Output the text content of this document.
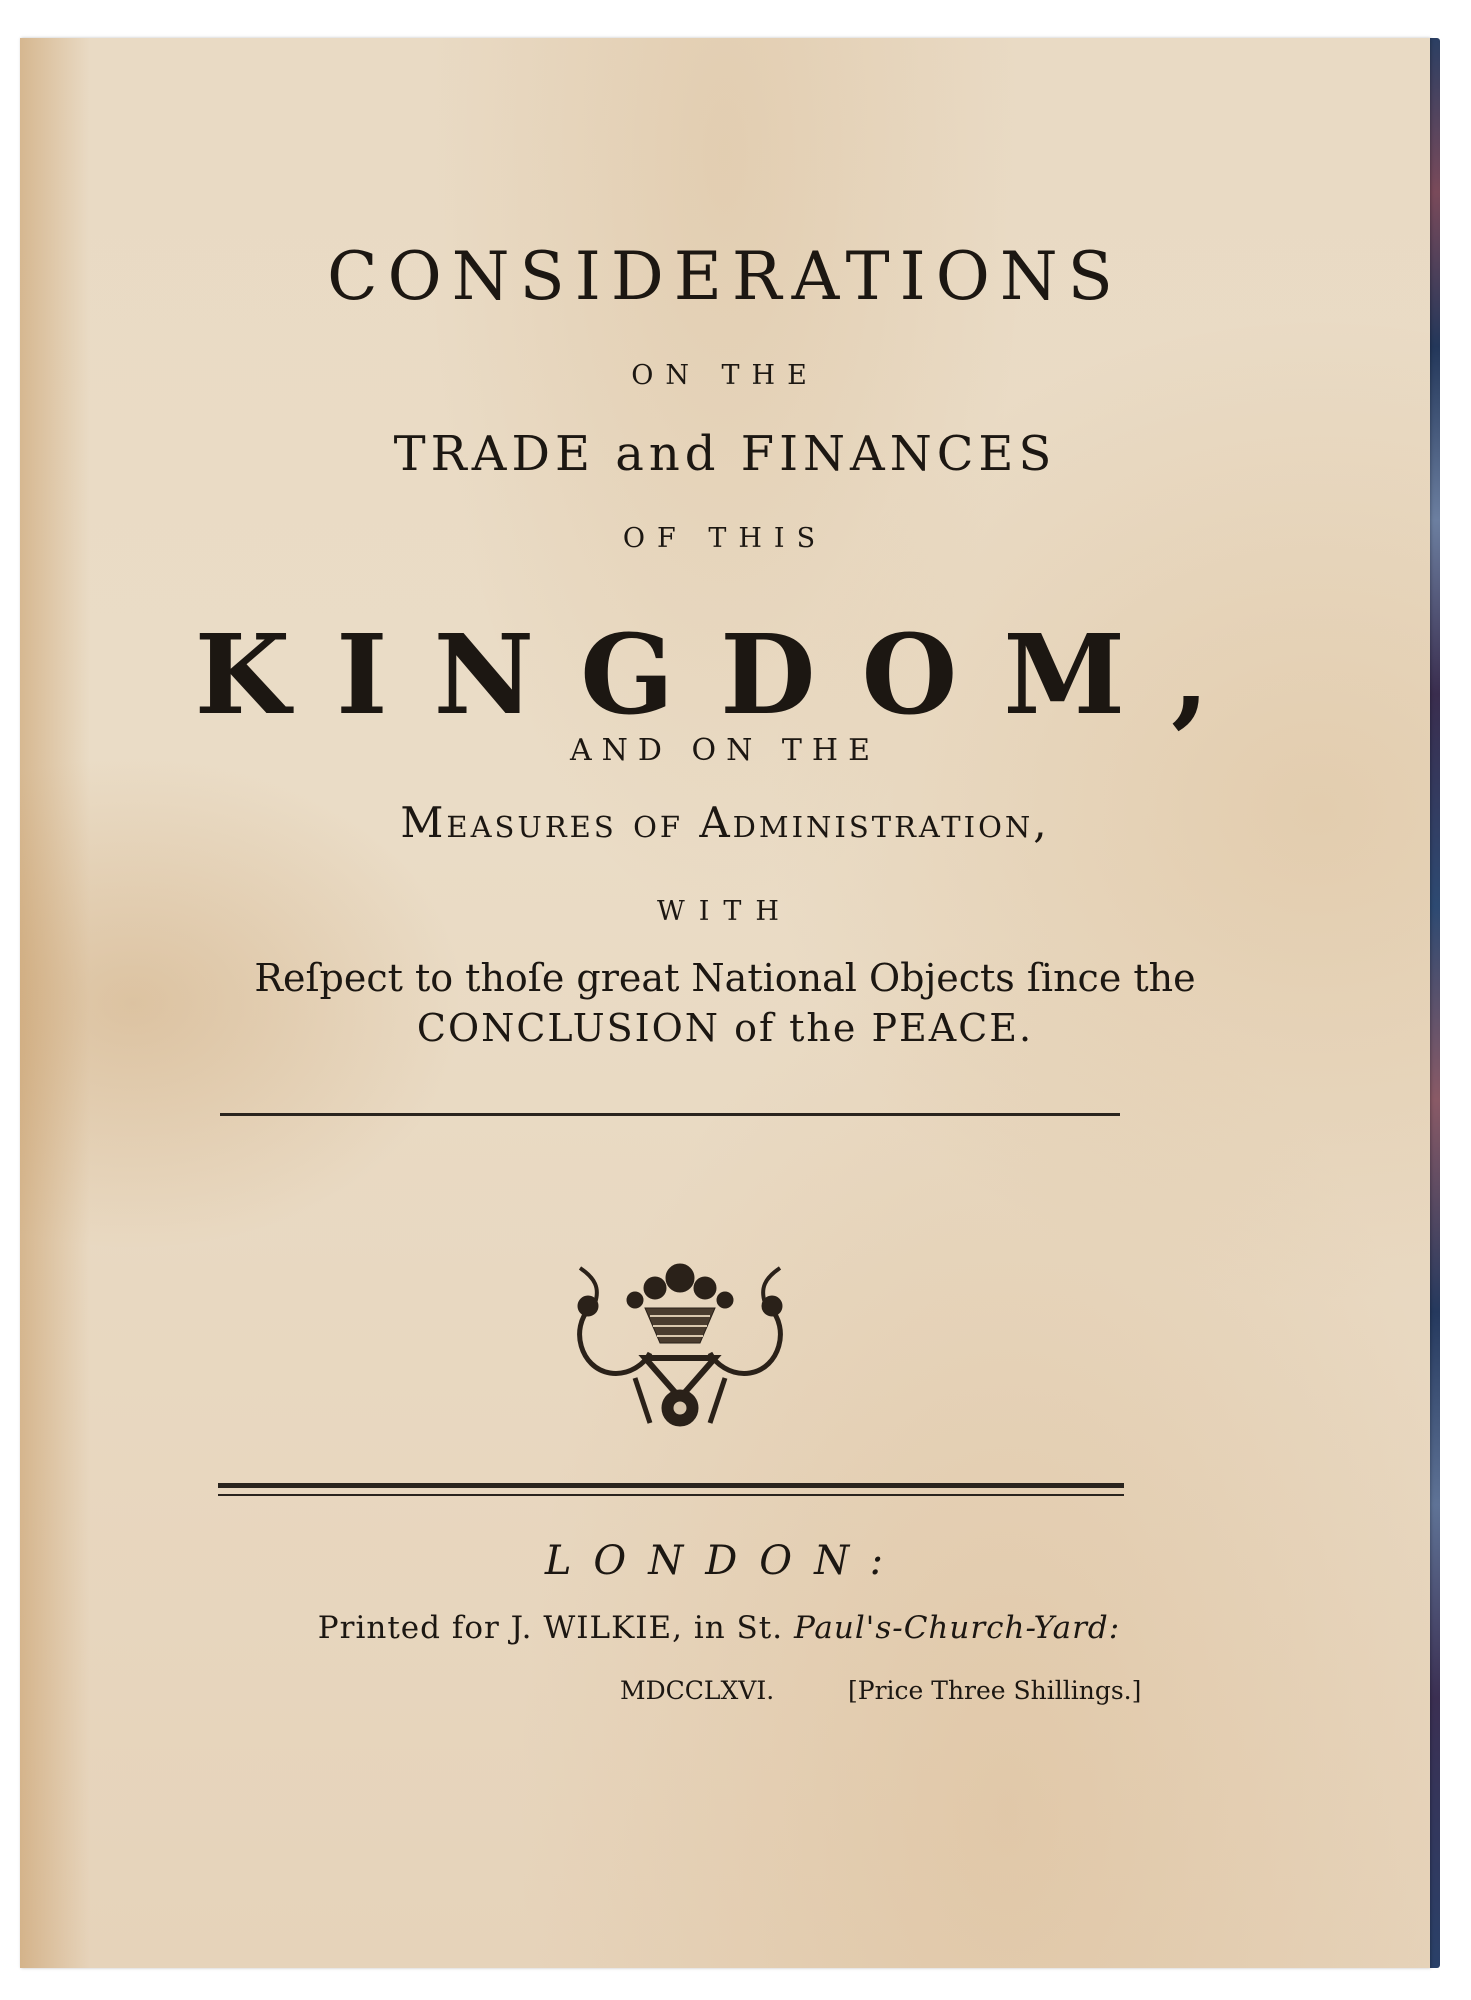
CONSIDERATIONS
ON THE
TRADE and FINANCES
OF THIS
KINGDOM,
AND ON THE
Measures of Administration,
WITH
Reſpect to thoſe great National Objects ſince the
CONCLUSION of the PEACE.
LONDON:
Printed for J. WILKIE, in St. Paul's-Church-Yard:
MDCCLXVI.	[Price Three Shillings.]
